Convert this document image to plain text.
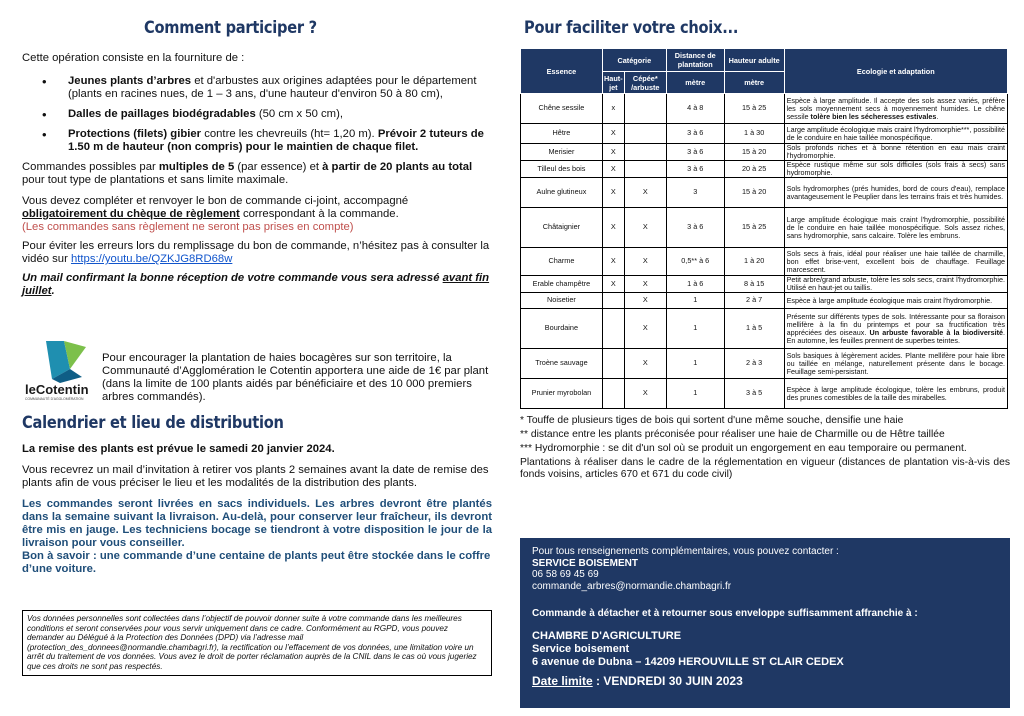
Comment participer ?

Cette opération consiste en la fourniture de :

• Jeunes plants d’arbres et d'arbustes aux origines adaptées pour le département (plants en racines nues, de 1 – 3 ans, d'une hauteur d'environ 50 à 80 cm),
• Dalles de paillages biodégradables (50 cm x 50 cm),
• Protections (filets) gibier contre les chevreuils (ht= 1,20 m). Prévoir 2 tuteurs de 1.50 m de hauteur (non compris) pour le maintien de chaque filet.

Commandes possibles par multiples de 5 (par essence) et à partir de 20 plants au total pour tout type de plantations et sans limite maximale.

Vous devez compléter et renvoyer le bon de commande ci-joint, accompagné obligatoirement du chèque de règlement correspondant à la commande.

(Les commandes sans règlement ne seront pas prises en compte)

Pour éviter les erreurs lors du remplissage du bon de commande, n’hésitez pas à consulter la vidéo sur https://youtu.be/QZKJG8RD68w

Un mail confirmant la bonne réception de votre commande vous sera adressé avant fin juillet.

leCotentin
COMMUNAUTÉ D'AGGLOMÉRATION

Pour encourager la plantation de haies bocagères sur son territoire, la Communauté d’Agglomération le Cotentin apportera une aide de 1€ par plant (dans la limite de 100 plants aidés par bénéficiaire et des 10 000 premiers arbres commandés).

Calendrier et lieu de distribution

La remise des plants est prévue le samedi 20 janvier 2024.

Vous recevrez un mail d’invitation à retirer vos plants 2 semaines avant la date de remise des plants afin de vous préciser le lieu et les modalités de la distribution des plants.

Les commandes seront livrées en sacs individuels. Les arbres devront être plantés dans la semaine suivant la livraison. Au-delà, pour conserver leur fraîcheur, ils devront être mis en jauge. Les techniciens bocage se tiendront à votre disposition le jour de la livraison pour vous conseiller.

Bon à savoir : une commande d’une centaine de plants peut être stockée dans le coffre d’une voiture.

Vos données personnelles sont collectées dans l’objectif de pouvoir donner suite à votre commande dans les meilleures conditions et seront conservées pour vous servir uniquement dans ce cadre. Conformément au RGPD, vous pouvez demander au Délégué à la Protection des Données (DPD) via l’adresse mail (protection_des_donnees@normandie.chambagri.fr), la rectification ou l’effacement de vos données, une limitation voire un arrêt du traitement de vos données. Vous avez le droit de porter réclamation auprès de la CNIL dans le cas où vous jugeriez que ces droits ne sont pas respectés.

Pour faciliter votre choix...
Essence	Catégorie		Distance de plantation	Hauteur adulte	Ecologie et adaptation
	Haut-jet	Cépée* /arbuste	mètre	mètre	

Chêne sessile	x		4 à 8	15 à 25	Espèce à large amplitude. Il accepte des sols assez variés, préfère les sols moyennement secs à moyennement humides. Le chêne sessile tolère bien les sécheresses estivales.
Hêtre	X		3 à 6	1 à 30	Large amplitude écologique mais craint l'hydromorphie***, possibilité de le conduire en haie taillée monospécifique.
Merisier	X		3 à 6	15 à 20	Sols profonds riches et à bonne rétention en eau mais craint l'hydromorphie.
Tilleul des bois	X		3 à 6	20 à 25	Espèce rustique même sur sols difficiles (sols frais à secs) sans hydromorphie.
Aulne glutineux	X	X	3	15 à 20	Sols hydromorphes (prés humides, bord de cours d'eau), remplace avantageusement le Peuplier dans les terrains frais et très humides.
Châtaignier	X	X	3 à 6	15 à 25	Large amplitude écologique mais craint l'hydromorphie, possibilité de le conduire en haie taillée monospécifique. Sols assez riches, sans hydromorphie, sans calcaire. Tolère les embruns.
Charme	X	X	0,5** à 6	1 à 20	Sols secs à frais, idéal pour réaliser une haie taillée de charmille, bon effet brise-vent, excellent bois de chauffage. Feuillage marcescent.
Erable champêtre	X	X	1 à 6	8 à 15	Petit arbre/grand arbuste, tolère les sols secs, craint l'hydromorphie. Utilisé en haut-jet ou taillis.
Noisetier		X	1	2 à 7	Espèce à large amplitude écologique mais craint l'hydromorphie.
Bourdaine		X	1	1 à 5	Présente sur différents types de sols. Intéressante pour sa floraison mellifère à la fin du printemps et pour sa fructification très appréciées des oiseaux. Un arbuste favorable à la biodiversité. En automne, les feuilles prennent de superbes teintes.
Troène sauvage		X	1	2 à 3	Sols basiques à légèrement acides. Plante mellifère pour haie libre ou taillée en mélange, naturellement présente dans le bocage. Feuillage semi-persistant.
Prunier myrobolan		X	1	3 à 5	Espèce à large amplitude écologique, tolère les embruns, produit des prunes comestibles de la taille des mirabelles.

* Touffe de plusieurs tiges de bois qui sortent d'une même souche, densifie une haie

** distance entre les plants préconisée pour réaliser une haie de Charmille ou de Hêtre taillée

*** Hydromorphie : se dit d'un sol où se produit un engorgement en eau temporaire ou permanent.

Plantations à réaliser dans le cadre de la réglementation en vigueur (distances de plantation vis-à-vis des fonds voisins, articles 670 et 671 du code civil)

Pour tous renseignements complémentaires, vous pouvez contacter :

SERVICE BOISEMENT

06 58 69 45 69

commande_arbres@normandie.chambagri.fr

Commande à détacher et à retourner sous enveloppe suffisamment affranchie à :

CHAMBRE D'AGRICULTURE

Service boisement

6 avenue de Dubna – 14209 HEROUVILLE ST CLAIR CEDEX

Date limite : VENDREDI 30 JUIN 2023
